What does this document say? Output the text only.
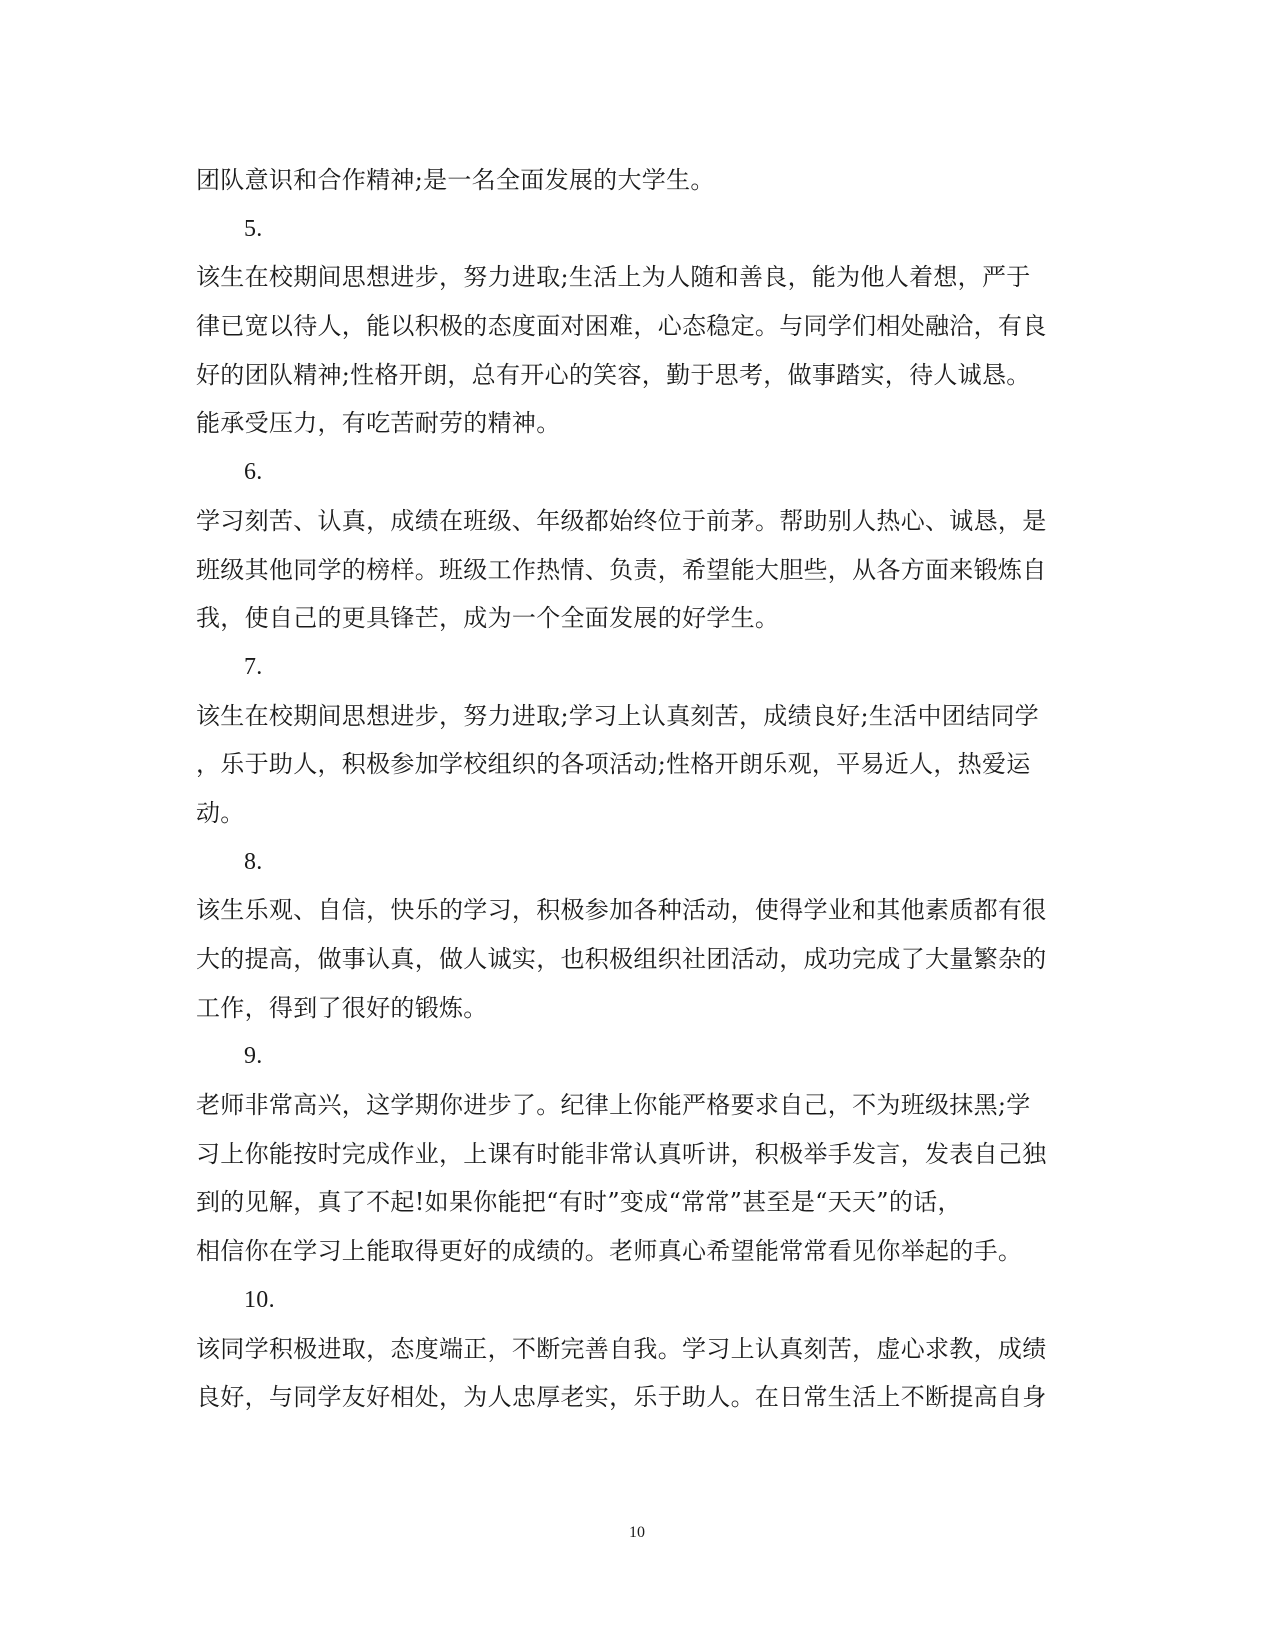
团队意识和合作精神;是一名全面发展的大学生。
5.
该生在校期间思想进步，努力进取;生活上为人随和善良，能为他人着想，严于
律已宽以待人，能以积极的态度面对困难，心态稳定。与同学们相处融洽，有良
好的团队精神;性格开朗，总有开心的笑容，勤于思考，做事踏实，待人诚恳。
能承受压力，有吃苦耐劳的精神。
6.
学习刻苦、认真，成绩在班级、年级都始终位于前茅。帮助别人热心、诚恳，是
班级其他同学的榜样。班级工作热情、负责，希望能大胆些，从各方面来锻炼自
我，使自己的更具锋芒，成为一个全面发展的好学生。
7.
该生在校期间思想进步，努力进取;学习上认真刻苦，成绩良好;生活中团结同学
，乐于助人，积极参加学校组织的各项活动;性格开朗乐观，平易近人，热爱运
动。
8.
该生乐观、自信，快乐的学习，积极参加各种活动，使得学业和其他素质都有很
大的提高，做事认真，做人诚实，也积极组织社团活动，成功完成了大量繁杂的
工作，得到了很好的锻炼。
9.
老师非常高兴，这学期你进步了。纪律上你能严格要求自己，不为班级抹黑;学
习上你能按时完成作业，上课有时能非常认真听讲，积极举手发言，发表自己独
到的见解，真了不起!如果你能把“有时”变成“常常”甚至是“天天”的话，
相信你在学习上能取得更好的成绩的。老师真心希望能常常看见你举起的手。
10.
该同学积极进取，态度端正，不断完善自我。学习上认真刻苦，虚心求教，成绩
良好，与同学友好相处，为人忠厚老实，乐于助人。在日常生活上不断提高自身
10
